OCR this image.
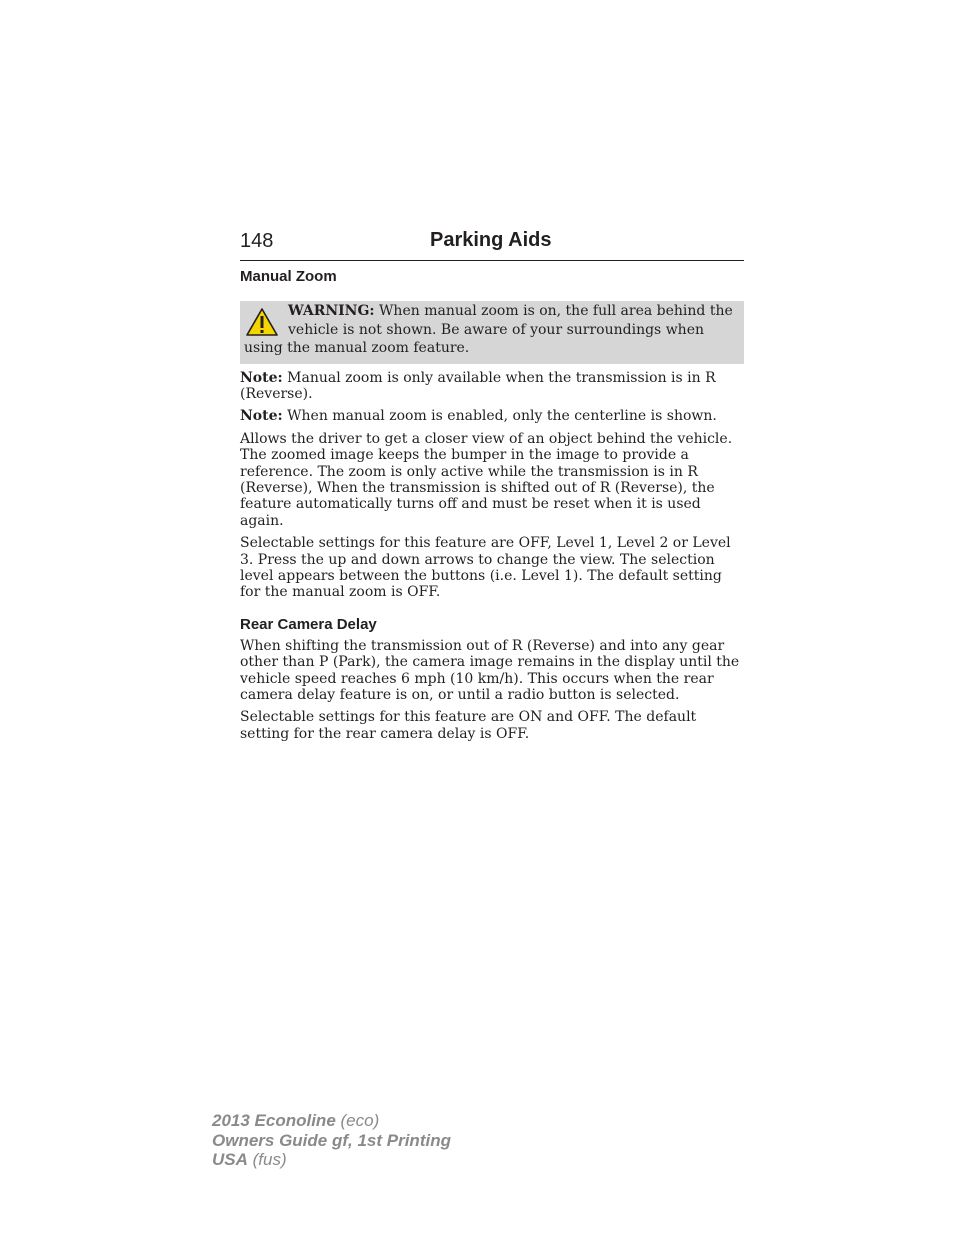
148	Parking Aids
Manual Zoom
WARNING: When manual zoom is on, the full area behind the vehicle is not shown. Be aware of your surroundings when using the manual zoom feature.

Note: Manual zoom is only available when the transmission is in R (Reverse).

Note: When manual zoom is enabled, only the centerline is shown.

Allows the driver to get a closer view of an object behind the vehicle. The zoomed image keeps the bumper in the image to provide a reference. The zoom is only active while the transmission is in R (Reverse), When the transmission is shifted out of R (Reverse), the feature automatically turns off and must be reset when it is used again.

Selectable settings for this feature are OFF, Level 1, Level 2 or Level 3. Press the up and down arrows to change the view. The selection level appears between the buttons (i.e. Level 1). The default setting for the manual zoom is OFF.

Rear Camera Delay

When shifting the transmission out of R (Reverse) and into any gear other than P (Park), the camera image remains in the display until the vehicle speed reaches 6 mph (10 km/h). This occurs when the rear camera delay feature is on, or until a radio button is selected.

Selectable settings for this feature are ON and OFF. The default setting for the rear camera delay is OFF.

2013 Econoline (eco)
Owners Guide gf, 1st Printing
USA (fus)
